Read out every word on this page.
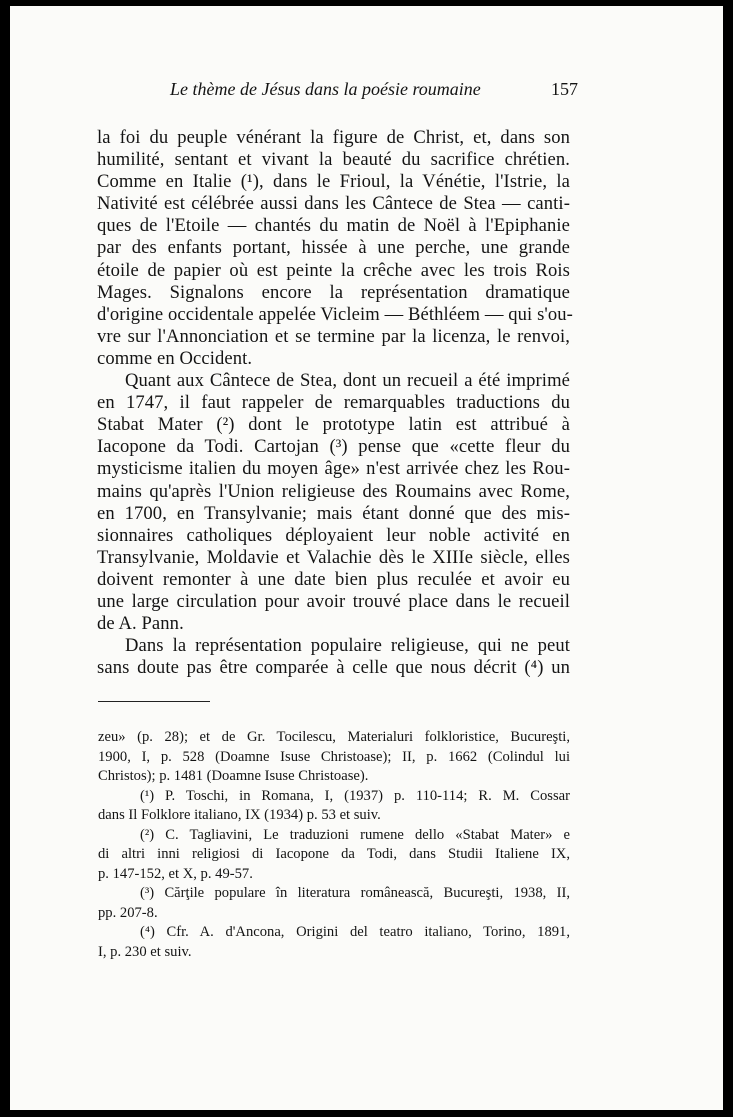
Le thème de Jésus dans la poésie roumaine	157
la foi du peuple vénérant la figure de Christ, et, dans son
humilité, sentant et vivant la beauté du sacrifice chrétien.
Comme en Italie (¹), dans le Frioul, la Vénétie, l'Istrie, la
Nativité est célébrée aussi dans les Cântece de Stea — canti-
ques de l'Etoile — chantés du matin de Noël à l'Epiphanie
par des enfants portant, hissée à une perche, une grande
étoile de papier où est peinte la crêche avec les trois Rois
Mages. Signalons encore la représentation dramatique
d'origine occidentale appelée Vicleim — Béthléem — qui s'ou-
vre sur l'Annonciation et se termine par la licenza, le renvoi,
comme en Occident.
Quant aux Cântece de Stea, dont un recueil a été imprimé
en 1747, il faut rappeler de remarquables traductions du
Stabat Mater (²) dont le prototype latin est attribué à
Iacopone da Todi. Cartojan (³) pense que «cette fleur du
mysticisme italien du moyen âge» n'est arrivée chez les Rou-
mains qu'après l'Union religieuse des Roumains avec Rome,
en 1700, en Transylvanie; mais étant donné que des mis-
sionnaires catholiques déployaient leur noble activité en
Transylvanie, Moldavie et Valachie dès le XIIIe siècle, elles
doivent remonter à une date bien plus reculée et avoir eu
une large circulation pour avoir trouvé place dans le recueil
de A. Pann.
Dans la représentation populaire religieuse, qui ne peut
sans doute pas être comparée à celle que nous décrit (⁴) un
zeu» (p. 28); et de Gr. Tocilescu, Materialuri folkloristice, Bucureşti,
1900, I, p. 528 (Doamne Isuse Christoase); II, p. 1662 (Colindul lui
Christos); p. 1481 (Doamne Isuse Christoase).
(¹) P. Toschi, in Romana, I, (1937) p. 110-114; R. M. Cossar
dans Il Folklore italiano, IX (1934) p. 53 et suiv.
(²) C. Tagliavini, Le traduzioni rumene dello «Stabat Mater» e
di altri inni religiosi di Iacopone da Todi, dans Studii Italiene IX,
p. 147-152, et X, p. 49-57.
(³) Cărţile populare în literatura românească, Bucureşti, 1938, II,
pp. 207-8.
(⁴) Cfr. A. d'Ancona, Origini del teatro italiano, Torino, 1891,
I, p. 230 et suiv.
